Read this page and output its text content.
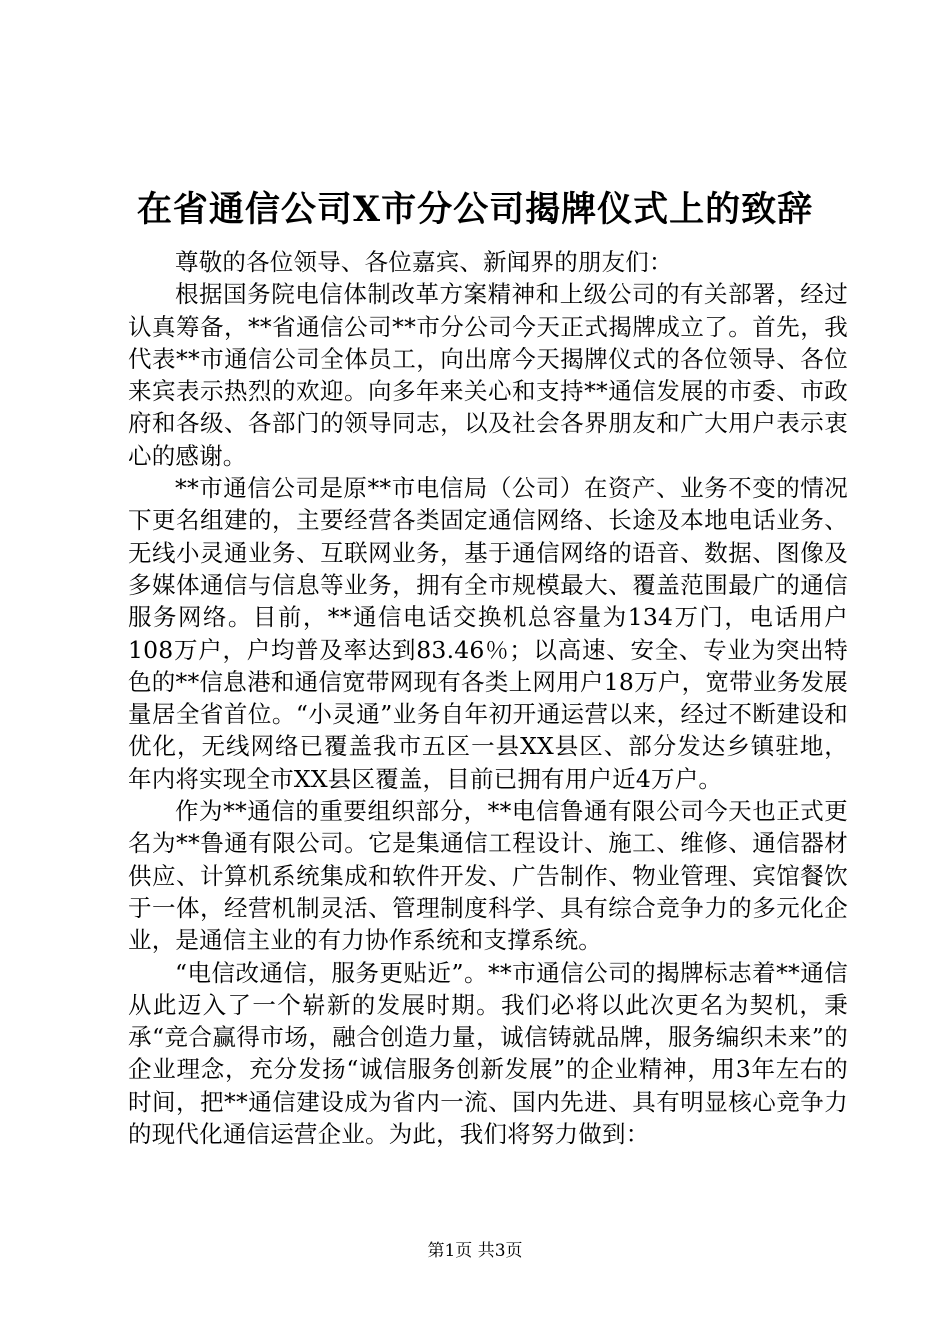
在省通信公司X市分公司揭牌仪式上的致辞

尊敬的各位领导、各位嘉宾、新闻界的朋友们：

根据国务院电信体制改革方案精神和上级公司的有关部署，经过认真筹备，**省通信公司**市分公司今天正式揭牌成立了。首先，我代表**市通信公司全体员工，向出席今天揭牌仪式的各位领导、各位来宾表示热烈的欢迎。向多年来关心和支持**通信发展的市委、市政府和各级、各部门的领导同志，以及社会各界朋友和广大用户表示衷心的感谢。

**市通信公司是原**市电信局（公司）在资产、业务不变的情况下更名组建的，主要经营各类固定通信网络、长途及本地电话业务、无线小灵通业务、互联网业务，基于通信网络的语音、数据、图像及多媒体通信与信息等业务，拥有全市规模最大、覆盖范围最广的通信服务网络。目前，**通信电话交换机总容量为134万门，电话用户108万户，户均普及率达到83.46％；以高速、安全、专业为突出特色的**信息港和通信宽带网现有各类上网用户18万户，宽带业务发展量居全省首位。“小灵通”业务自年初开通运营以来，经过不断建设和优化，无线网络已覆盖我市五区一县XX县区、部分发达乡镇驻地，年内将实现全市XX县区覆盖，目前已拥有用户近4万户。

作为**通信的重要组织部分，**电信鲁通有限公司今天也正式更名为**鲁通有限公司。它是集通信工程设计、施工、维修、通信器材供应、计算机系统集成和软件开发、广告制作、物业管理、宾馆餐饮于一体，经营机制灵活、管理制度科学、具有综合竞争力的多元化企业，是通信主业的有力协作系统和支撑系统。

“电信改通信，服务更贴近”。**市通信公司的揭牌标志着**通信从此迈入了一个崭新的发展时期。我们必将以此次更名为契机，秉承“竞合赢得市场，融合创造力量，诚信铸就品牌，服务编织未来”的企业理念，充分发扬“诚信服务创新发展”的企业精神，用3年左右的时间，把**通信建设成为省内一流、国内先进、具有明显核心竞争力的现代化通信运营企业。为此，我们将努力做到：

第1页 共3页
